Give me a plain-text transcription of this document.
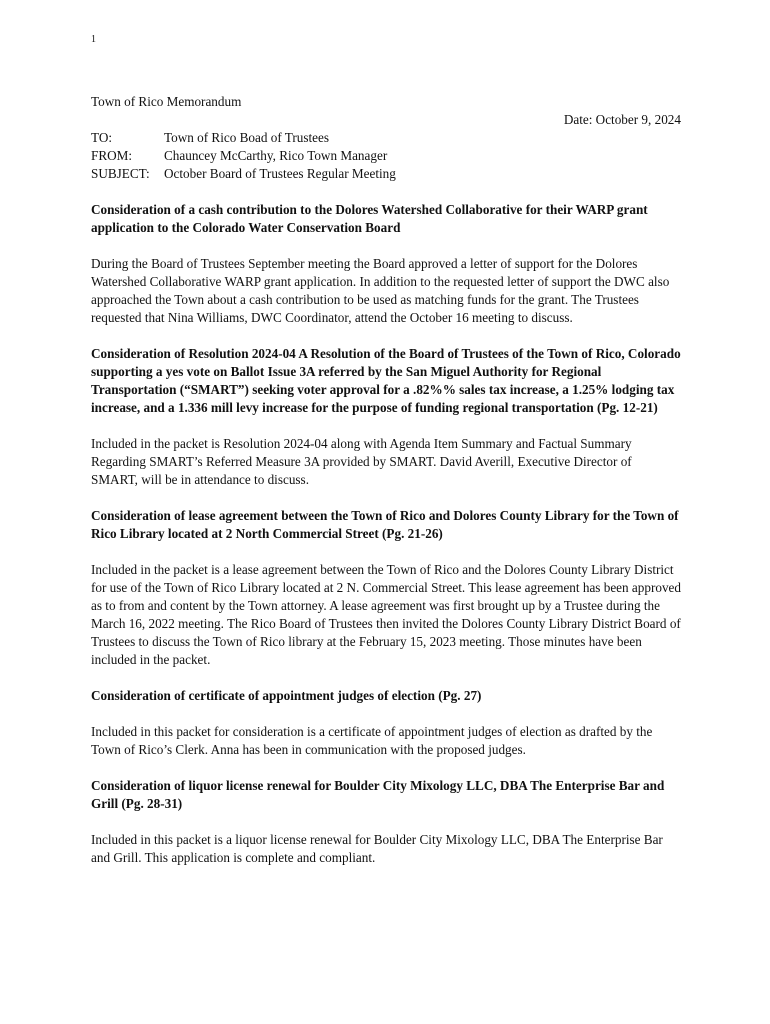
1

Town of Rico Memorandum

Date: October 9, 2024

TO:	Town of Rico Boad of Trustees
FROM:	Chauncey McCarthy, Rico Town Manager
SUBJECT:	October Board of Trustees Regular Meeting

Consideration of a cash contribution to the Dolores Watershed Collaborative for their WARP grant application to the Colorado Water Conservation Board

During the Board of Trustees September meeting the Board approved a letter of support for the Dolores Watershed Collaborative WARP grant application. In addition to the requested letter of support the DWC also approached the Town about a cash contribution to be used as matching funds for the grant. The Trustees requested that Nina Williams, DWC Coordinator, attend the October 16 meeting to discuss.

Consideration of Resolution 2024-04 A Resolution of the Board of Trustees of the Town of Rico, Colorado supporting a yes vote on Ballot Issue 3A referred by the San Miguel Authority for Regional Transportation (“SMART”) seeking voter approval for a .82%% sales tax increase, a 1.25% lodging tax increase, and a 1.336 mill levy increase for the purpose of funding regional transportation (Pg. 12-21)

Included in the packet is Resolution 2024-04 along with Agenda Item Summary and Factual Summary Regarding SMART’s Referred Measure 3A provided by SMART. David Averill, Executive Director of SMART, will be in attendance to discuss.

Consideration of lease agreement between the Town of Rico and Dolores County Library for the Town of Rico Library located at 2 North Commercial Street (Pg. 21-26)

Included in the packet is a lease agreement between the Town of Rico and the Dolores County Library District for use of the Town of Rico Library located at 2 N. Commercial Street. This lease agreement has been approved as to from and content by the Town attorney. A lease agreement was first brought up by a Trustee during the March 16, 2022 meeting. The Rico Board of Trustees then invited the Dolores County Library District Board of Trustees to discuss the Town of Rico library at the February 15, 2023 meeting. Those minutes have been included in the packet.

Consideration of certificate of appointment judges of election (Pg. 27)

Included in this packet for consideration is a certificate of appointment judges of election as drafted by the Town of Rico’s Clerk. Anna has been in communication with the proposed judges.

Consideration of liquor license renewal for Boulder City Mixology LLC, DBA The Enterprise Bar and Grill (Pg. 28-31)

Included in this packet is a liquor license renewal for Boulder City Mixology LLC, DBA The Enterprise Bar and Grill. This application is complete and compliant.
